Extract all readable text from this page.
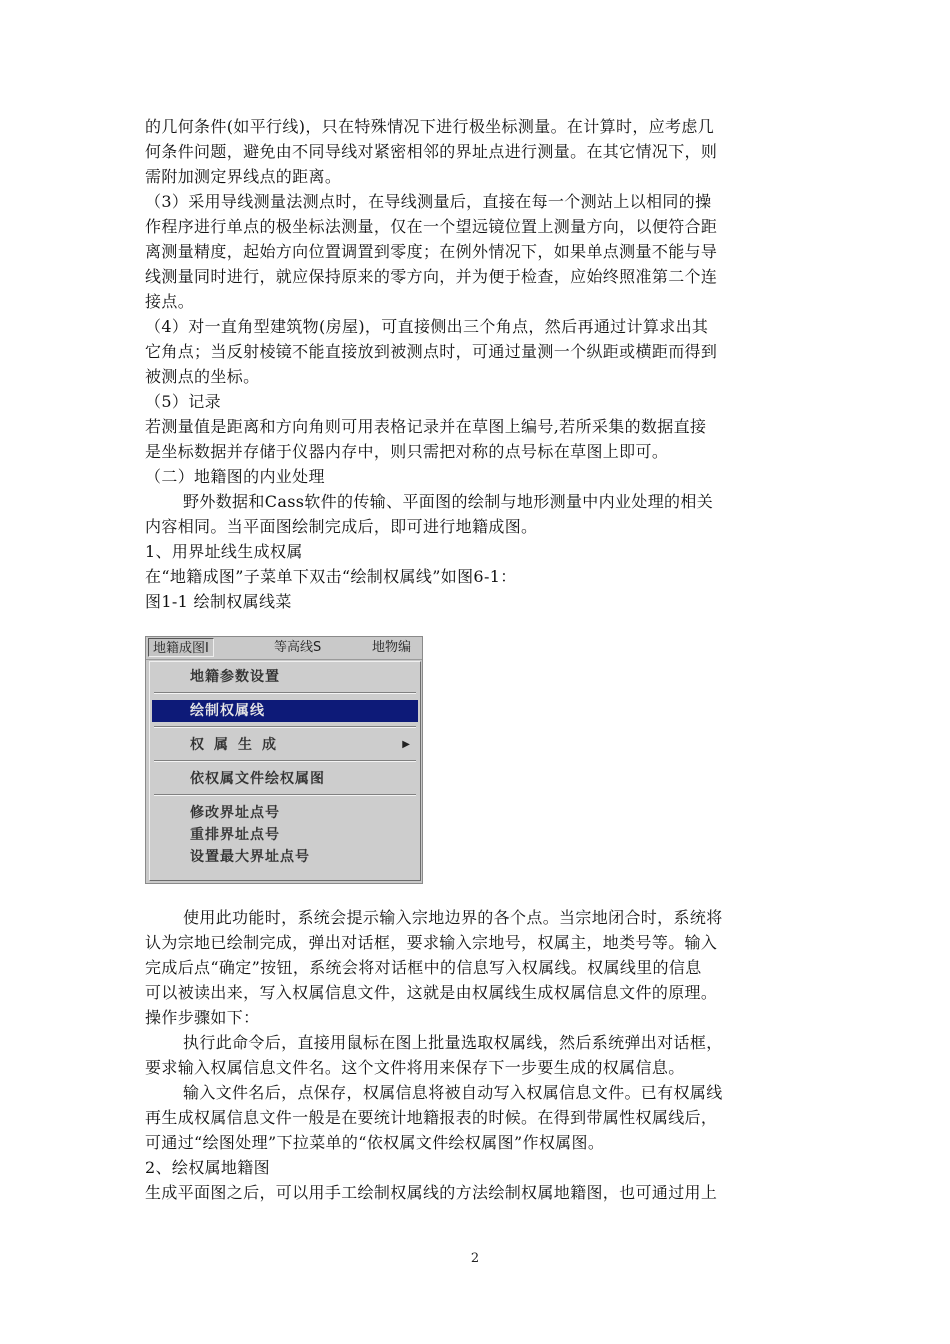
的几何条件(如平行线)，只在特殊情况下进行极坐标测量。在计算时，应考虑几
何条件问题，避免由不同导线对紧密相邻的界址点进行测量。在其它情况下，则
需附加测定界线点的距离。
（3）采用导线测量法测点时，在导线测量后，直接在每一个测站上以相同的操
作程序进行单点的极坐标法测量，仅在一个望远镜位置上测量方向，以便符合距
离测量精度，起始方向位置调置到零度；在例外情况下，如果单点测量不能与导
线测量同时进行，就应保持原来的零方向，并为便于检查，应始终照准第二个连
接点。
（4）对一直角型建筑物(房屋)，可直接侧出三个角点，然后再通过计算求出其
它角点；当反射棱镜不能直接放到被测点时，可通过量测一个纵距或横距而得到
被测点的坐标。
（5）记录
若测量值是距离和方向角则可用表格记录并在草图上编号,若所采集的数据直接
是坐标数据并存储于仪器内存中，则只需把对称的点号标在草图上即可。
（二）地籍图的内业处理
野外数据和Cass软件的传输、平面图的绘制与地形测量中内业处理的相关
内容相同。当平面图绘制完成后，即可进行地籍成图。
1、用界址线生成权属
在“地籍成图”子菜单下双击“绘制权属线”如图6-1：
图1-1 绘制权属线菜
地籍成图I	等高线S	地物编
地籍参数设置
绘制权属线
权属生成	▶
依权属文件绘权属图
修改界址点号
重排界址点号
设置最大界址点号
使用此功能时，系统会提示输入宗地边界的各个点。当宗地闭合时，系统将
认为宗地已绘制完成，弹出对话框，要求输入宗地号，权属主，地类号等。输入
完成后点“确定”按钮，系统会将对话框中的信息写入权属线。权属线里的信息
可以被读出来，写入权属信息文件，这就是由权属线生成权属信息文件的原理。
操作步骤如下：
执行此命令后，直接用鼠标在图上批量选取权属线，然后系统弹出对话框，
要求输入权属信息文件名。这个文件将用来保存下一步要生成的权属信息。
输入文件名后，点保存，权属信息将被自动写入权属信息文件。已有权属线
再生成权属信息文件一般是在要统计地籍报表的时候。在得到带属性权属线后，
可通过“绘图处理”下拉菜单的“依权属文件绘权属图”作权属图。
2、绘权属地籍图
生成平面图之后，可以用手工绘制权属线的方法绘制权属地籍图，也可通过用上
2
